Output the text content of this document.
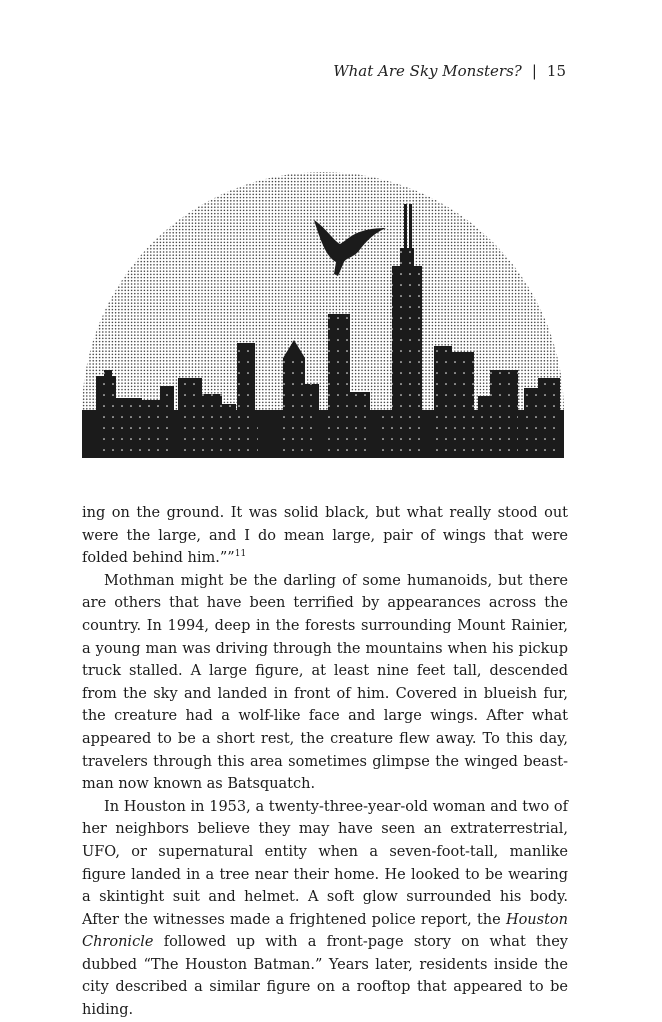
What Are Sky Monsters? | 15

ing on the ground. It was solid black, but what really stood out were the large, and I do mean large, pair of wings that were folded behind him.””$^{11}$

Mothman might be the darling of some humanoids, but there are others that have been terrified by appearances across the country. In 1994, deep in the forests surrounding Mount Rainier, a young man was driving through the mountains when his pickup truck stalled. A large figure, at least nine feet tall, descended from the sky and landed in front of him. Covered in blueish fur, the creature had a wolf-like face and large wings. After what appeared to be a short rest, the creature flew away. To this day, travelers through this area sometimes glimpse the winged beast-man now known as Batsquatch.

In Houston in 1953, a twenty-three-year-old woman and two of her neighbors believe they may have seen an extraterrestrial, UFO, or supernatural entity when a seven-foot-tall, manlike figure landed in a tree near their home. He looked to be wearing a skintight suit and helmet. A soft glow surrounded his body. After the witnesses made a frightened police report, the Houston Chronicle followed up with a front-page story on what they dubbed “The Houston Batman.” Years later, residents inside the city described a similar figure on a rooftop that appeared to be hiding.
